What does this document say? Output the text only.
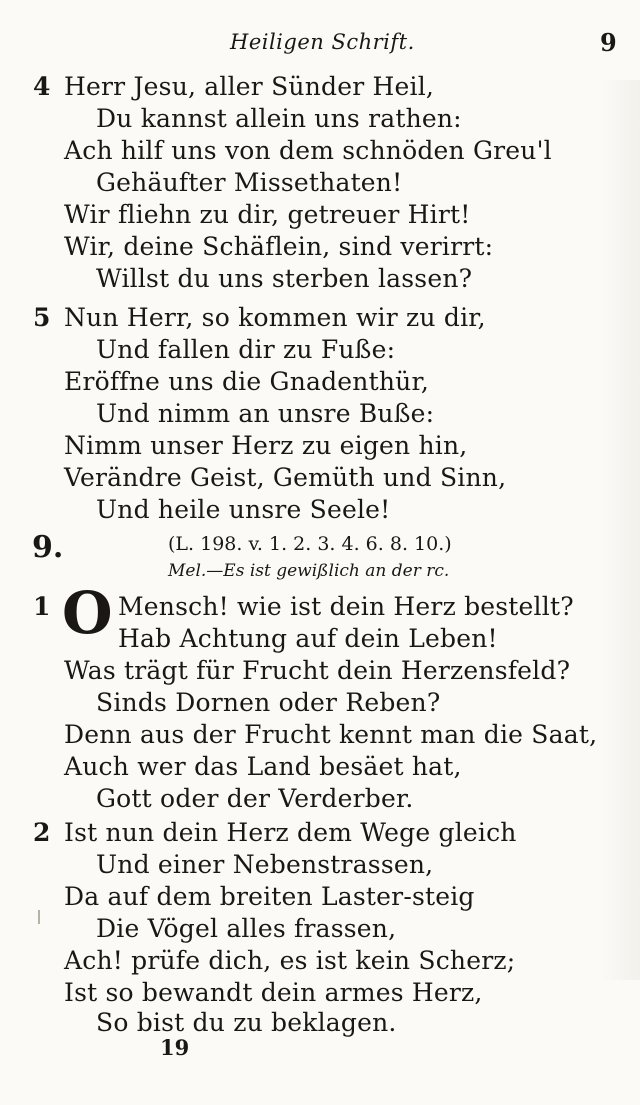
Heiligen Schrift.	9
4 Herr Jesu, aller Sünder Heil,
Du kannst allein uns rathen:
Ach hilf uns von dem schnöden Greu'l
Gehäufter Missethaten!
Wir fliehn zu dir, getreuer Hirt!
Wir, deine Schäflein, sind verirrt:
Willst du uns sterben lassen?
5 Nun Herr, so kommen wir zu dir,
Und fallen dir zu Fuße:
Eröffne uns die Gnadenthür,
Und nimm an unsre Buße:
Nimm unser Herz zu eigen hin,
Verändre Geist, Gemüth und Sinn,
Und heile unsre Seele!
9.	(L. 198. v. 1. 2. 3. 4. 6. 8. 10.)
Mel.—Es ist gewißlich an der rc.
1 O Mensch! wie ist dein Herz bestellt?
Hab Achtung auf dein Leben!
Was trägt für Frucht dein Herzensfeld?
Sinds Dornen oder Reben?
Denn aus der Frucht kennt man die Saat,
Auch wer das Land besäet hat,
Gott oder der Verderber.
2 Ist nun dein Herz dem Wege gleich
Und einer Nebenstrassen,
Da auf dem breiten Laster-steig
Die Vögel alles frassen,
Ach! prüfe dich, es ist kein Scherz;
Ist so bewandt dein armes Herz,
So bist du zu beklagen.
19
